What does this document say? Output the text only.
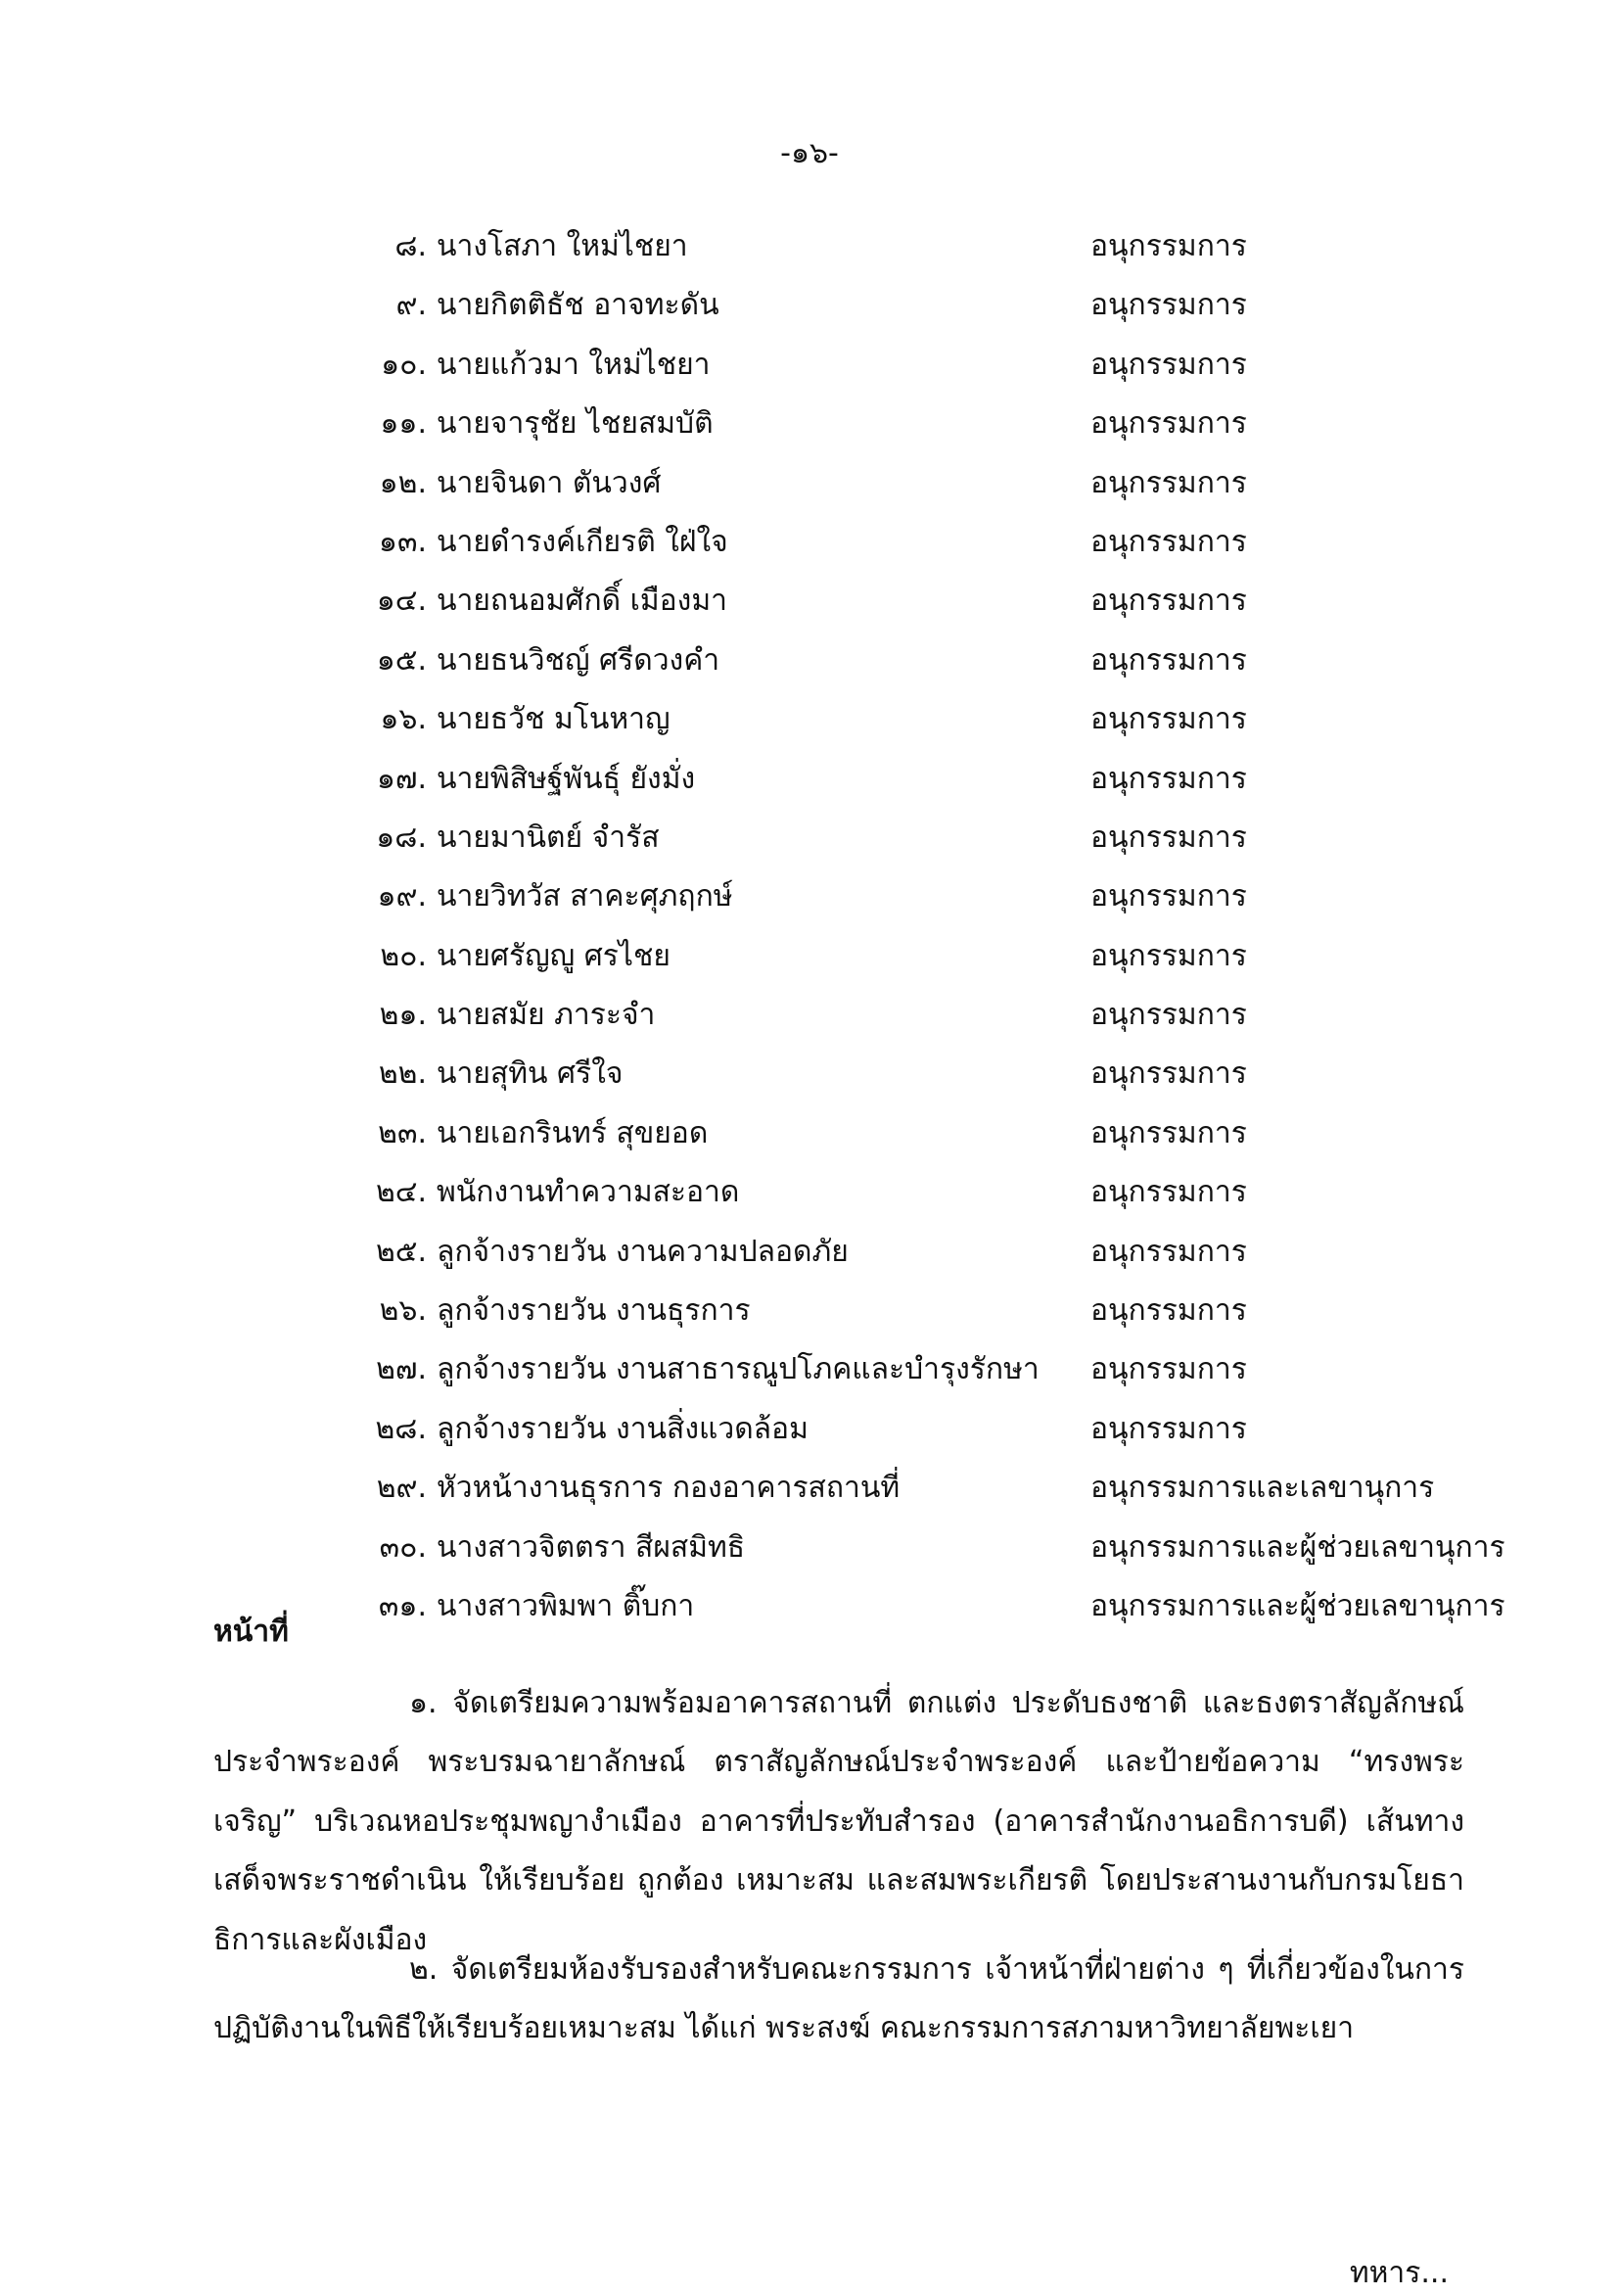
-๑๖-
๘. นางโสภา ใหม่ไชยา	อนุกรรมการ
๙. นายกิตติธัช อาจทะดัน	อนุกรรมการ
๑๐. นายแก้วมา ใหม่ไชยา	อนุกรรมการ
๑๑. นายจารุชัย ไชยสมบัติ	อนุกรรมการ
๑๒. นายจินดา ตันวงศ์	อนุกรรมการ
๑๓. นายดำรงค์เกียรติ ใฝ่ใจ	อนุกรรมการ
๑๔. นายถนอมศักดิ์ เมืองมา	อนุกรรมการ
๑๕. นายธนวิชญ์ ศรีดวงคำ	อนุกรรมการ
๑๖. นายธวัช มโนหาญ	อนุกรรมการ
๑๗. นายพิสิษฐ์พันธุ์ ยังมั่ง	อนุกรรมการ
๑๘. นายมานิตย์ จำรัส	อนุกรรมการ
๑๙. นายวิทวัส สาคะศุภฤกษ์	อนุกรรมการ
๒๐. นายศรัญญู ศรไชย	อนุกรรมการ
๒๑. นายสมัย ภาระจำ	อนุกรรมการ
๒๒. นายสุทิน ศรีใจ	อนุกรรมการ
๒๓. นายเอกรินทร์ สุขยอด	อนุกรรมการ
๒๔. พนักงานทำความสะอาด	อนุกรรมการ
๒๕. ลูกจ้างรายวัน งานความปลอดภัย	อนุกรรมการ
๒๖. ลูกจ้างรายวัน งานธุรการ	อนุกรรมการ
๒๗. ลูกจ้างรายวัน งานสาธารณูปโภคและบำรุงรักษา อนุกรรมการ
๒๘. ลูกจ้างรายวัน งานสิ่งแวดล้อม	อนุกรรมการ
๒๙. หัวหน้างานธุรการ กองอาคารสถานที่	อนุกรรมการและเลขานุการ
๓๐. นางสาวจิตตรา สีผสมิทธิ	อนุกรรมการและผู้ช่วยเลขานุการ
๓๑. นางสาวพิมพา ติ๊บกา	อนุกรรมการและผู้ช่วยเลขานุการ
หน้าที่

๑. จัดเตรียมความพร้อมอาคารสถานที่ ตกแต่ง ประดับธงชาติ และธงตราสัญลักษณ์ประจำพระองค์ พระบรมฉายาลักษณ์ ตราสัญลักษณ์ประจำพระองค์ และป้ายข้อความ “ทรงพระเจริญ” บริเวณหอประชุมพญางำเมือง อาคารที่ประทับสำรอง (อาคารสำนักงานอธิการบดี) เส้นทางเสด็จพระราชดำเนิน ให้เรียบร้อย ถูกต้อง เหมาะสม และสมพระเกียรติ โดยประสานงานกับกรมโยธาธิการและผังเมือง

๒. จัดเตรียมห้องรับรองสำหรับคณะกรรมการ เจ้าหน้าที่ฝ่ายต่าง ๆ ที่เกี่ยวข้องในการปฏิบัติงานในพิธีให้เรียบร้อยเหมาะสม ได้แก่ พระสงฆ์ คณะกรรมการสภามหาวิทยาลัยพะเยา

ทหาร...
